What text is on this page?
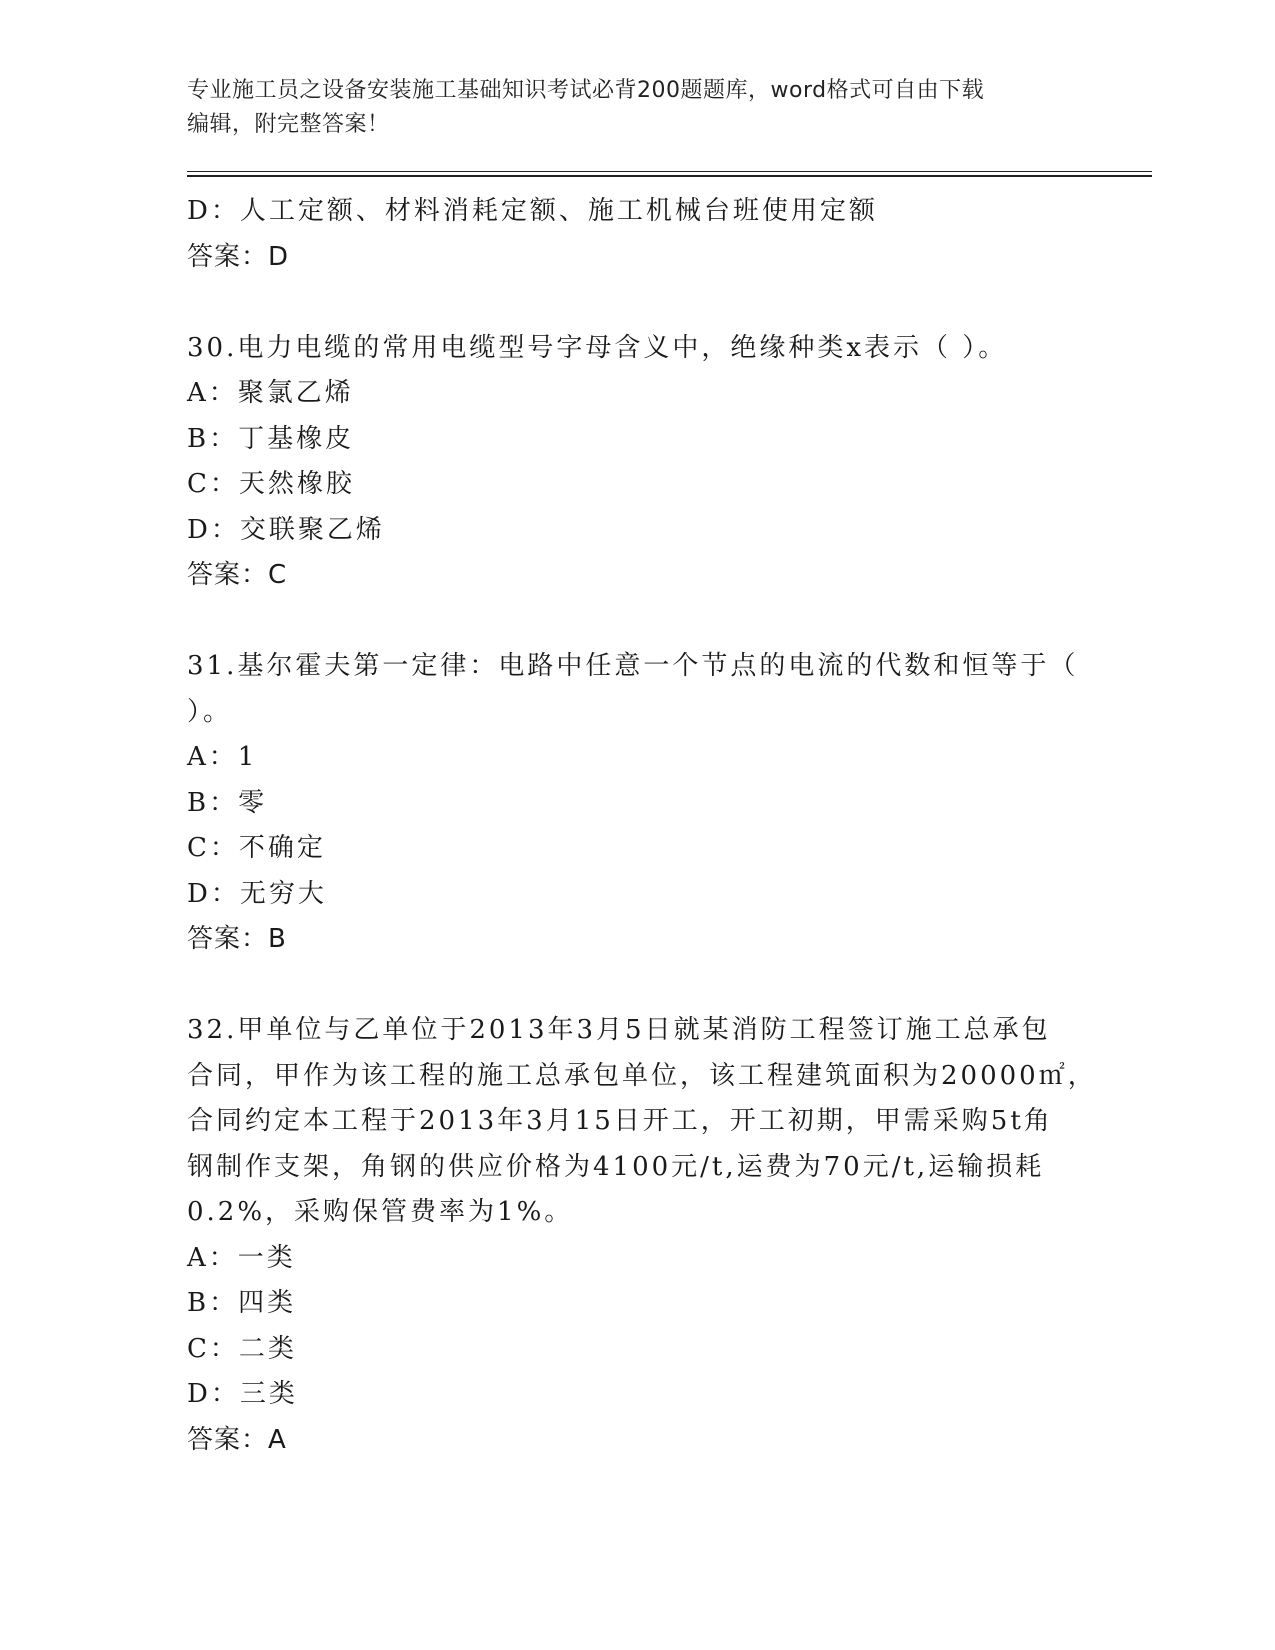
专业施工员之设备安装施工基础知识考试必背200题题库，word格式可自由下载
编辑，附完整答案！
D：人工定额、材料消耗定额、施工机械台班使用定额
答案：D
30.电力电缆的常用电缆型号字母含义中，绝缘种类x表示（ ）。
A：聚氯乙烯
B：丁基橡皮
C：天然橡胶
D：交联聚乙烯
答案：C
31.基尔霍夫第一定律：电路中任意一个节点的电流的代数和恒等于（
）。
A：1
B：零
C：不确定
D：无穷大
答案：B
32.甲单位与乙单位于2013年3月5日就某消防工程签订施工总承包
合同，甲作为该工程的施工总承包单位，该工程建筑面积为20000㎡，
合同约定本工程于2013年3月15日开工，开工初期，甲需采购5t角
钢制作支架，角钢的供应价格为4100元/t,运费为70元/t,运输损耗
0.2%，采购保管费率为1%。
A：一类
B：四类
C：二类
D：三类
答案：A
